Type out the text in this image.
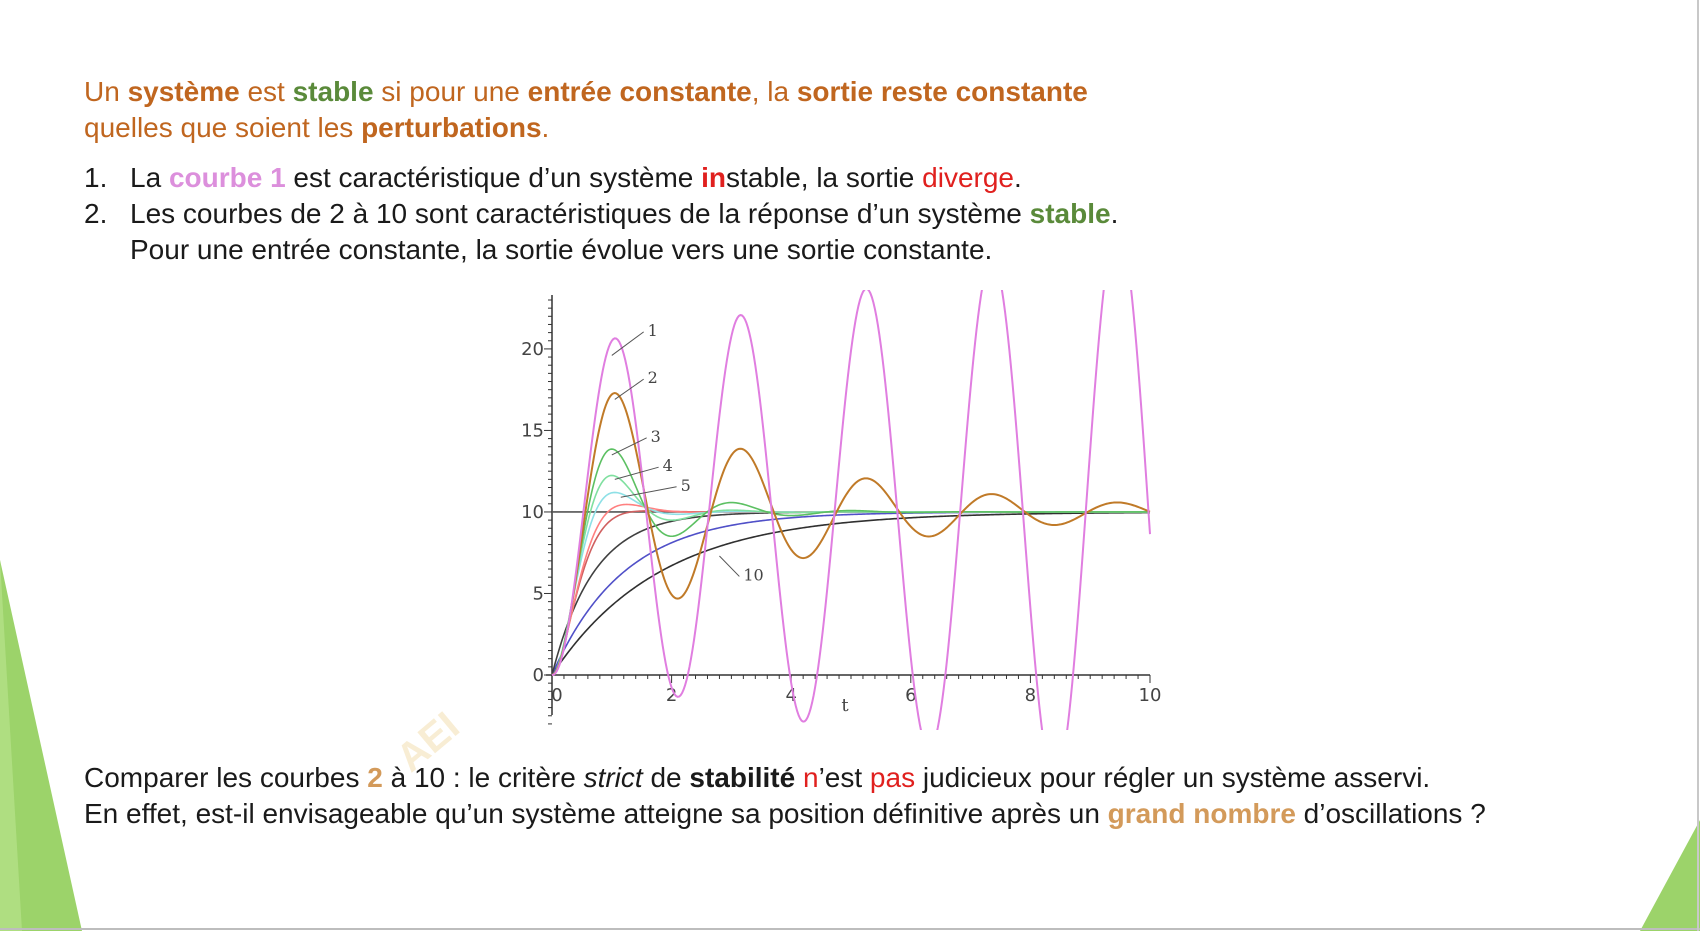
Un système est stable si pour une entrée constante, la sortie reste constante

quelles que soient les perturbations.

1. La courbe 1 est caractéristique d’un système instable, la sortie diverge.
2. Les courbes de 2 à 10 sont caractéristiques de la réponse d’un système stable.
Pour une entrée constante, la sortie évolue vers une sortie constante.
AEI
0	2	4	6	8	10
0
5
10
15
20
t
1
2
3
4
5
10

Comparer les courbes 2 à 10 : le critère strict de stabilité n’est pas judicieux pour régler un système asservi.

En effet, est-il envisageable qu’un système atteigne sa position définitive après un grand nombre d’oscillations ?
